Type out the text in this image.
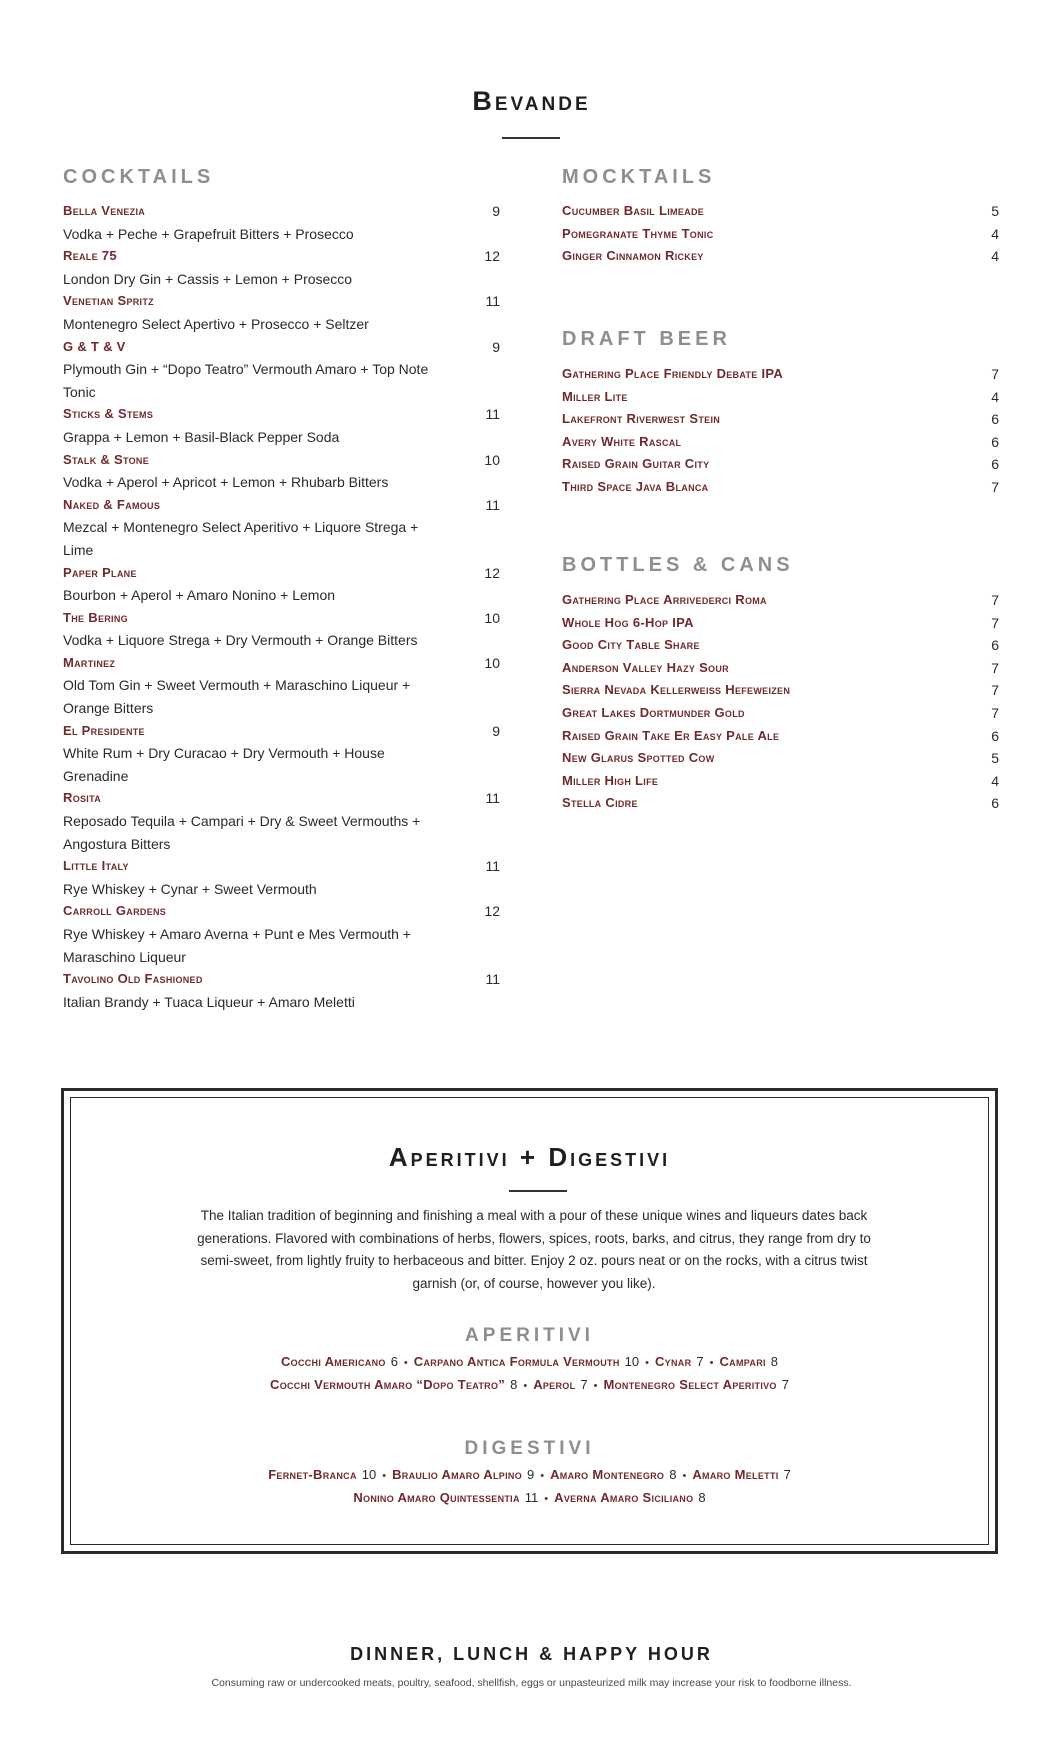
Bevande
COCKTAILS
Bella Venezia	9
Vodka + Peche + Grapefruit Bitters + Prosecco
Reale 75	12
London Dry Gin + Cassis + Lemon + Prosecco
Venetian Spritz	11
Montenegro Select Apertivo + Prosecco + Seltzer
G & T & V	9
Plymouth Gin + “Dopo Teatro” Vermouth Amaro + Top Note Tonic
Sticks & Stems	11
Grappa + Lemon + Basil-Black Pepper Soda
Stalk & Stone	10
Vodka + Aperol + Apricot + Lemon + Rhubarb Bitters
Naked & Famous	11
Mezcal + Montenegro Select Aperitivo + Liquore Strega + Lime
Paper Plane	12
Bourbon + Aperol + Amaro Nonino + Lemon
The Bering	10
Vodka + Liquore Strega + Dry Vermouth + Orange Bitters
Martinez	10
Old Tom Gin + Sweet Vermouth + Maraschino Liqueur + Orange Bitters
El Presidente	9
White Rum + Dry Curacao + Dry Vermouth + House Grenadine
Rosita	11
Reposado Tequila + Campari + Dry & Sweet Vermouths + Angostura Bitters
Little Italy	11
Rye Whiskey + Cynar + Sweet Vermouth
Carroll Gardens	12
Rye Whiskey + Amaro Averna + Punt e Mes Vermouth + Maraschino Liqueur
Tavolino Old Fashioned	11
Italian Brandy + Tuaca Liqueur + Amaro Meletti
MOCKTAILS
Cucumber Basil Limeade	5
Pomegranate Thyme Tonic	4
Ginger Cinnamon Rickey	4
DRAFT BEER
Gathering Place Friendly Debate IPA	7
Miller Lite	4
Lakefront Riverwest Stein	6
Avery White Rascal	6
Raised Grain Guitar City	6
Third Space Java Blanca	7
BOTTLES & CANS
Gathering Place Arrivederci Roma	7
Whole Hog 6-Hop IPA	7
Good City Table Share	6
Anderson Valley Hazy Sour	7
Sierra Nevada Kellerweiss Hefeweizen	7
Great Lakes Dortmunder Gold	7
Raised Grain Take Er Easy Pale Ale	6
New Glarus Spotted Cow	5
Miller High Life	4
Stella Cidre	6
Aperitivi + Digestivi
The Italian tradition of beginning and finishing a meal with a pour of these unique wines and liqueurs dates back generations. Flavored with combinations of herbs, flowers, spices, roots, barks, and citrus, they range from dry to semi-sweet, from lightly fruity to herbaceous and bitter. Enjoy 2 oz. pours neat or on the rocks, with a citrus twist garnish (or, of course, however you like).
APERITIVI
Cocchi Americano 6 • Carpano Antica Formula Vermouth 10 • Cynar 7 • Campari 8
Cocchi Vermouth Amaro “Dopo Teatro” 8 • Aperol 7 • Montenegro Select Aperitivo 7
DIGESTIVI
Fernet-Branca 10 • Braulio Amaro Alpino 9 • Amaro Montenegro 8 • Amaro Meletti 7
Nonino Amaro Quintessentia 11 • Averna Amaro Siciliano 8
DINNER, LUNCH & HAPPY HOUR
Consuming raw or undercooked meats, poultry, seafood, shellfish, eggs or unpasteurized milk may increase your risk to foodborne illness.
